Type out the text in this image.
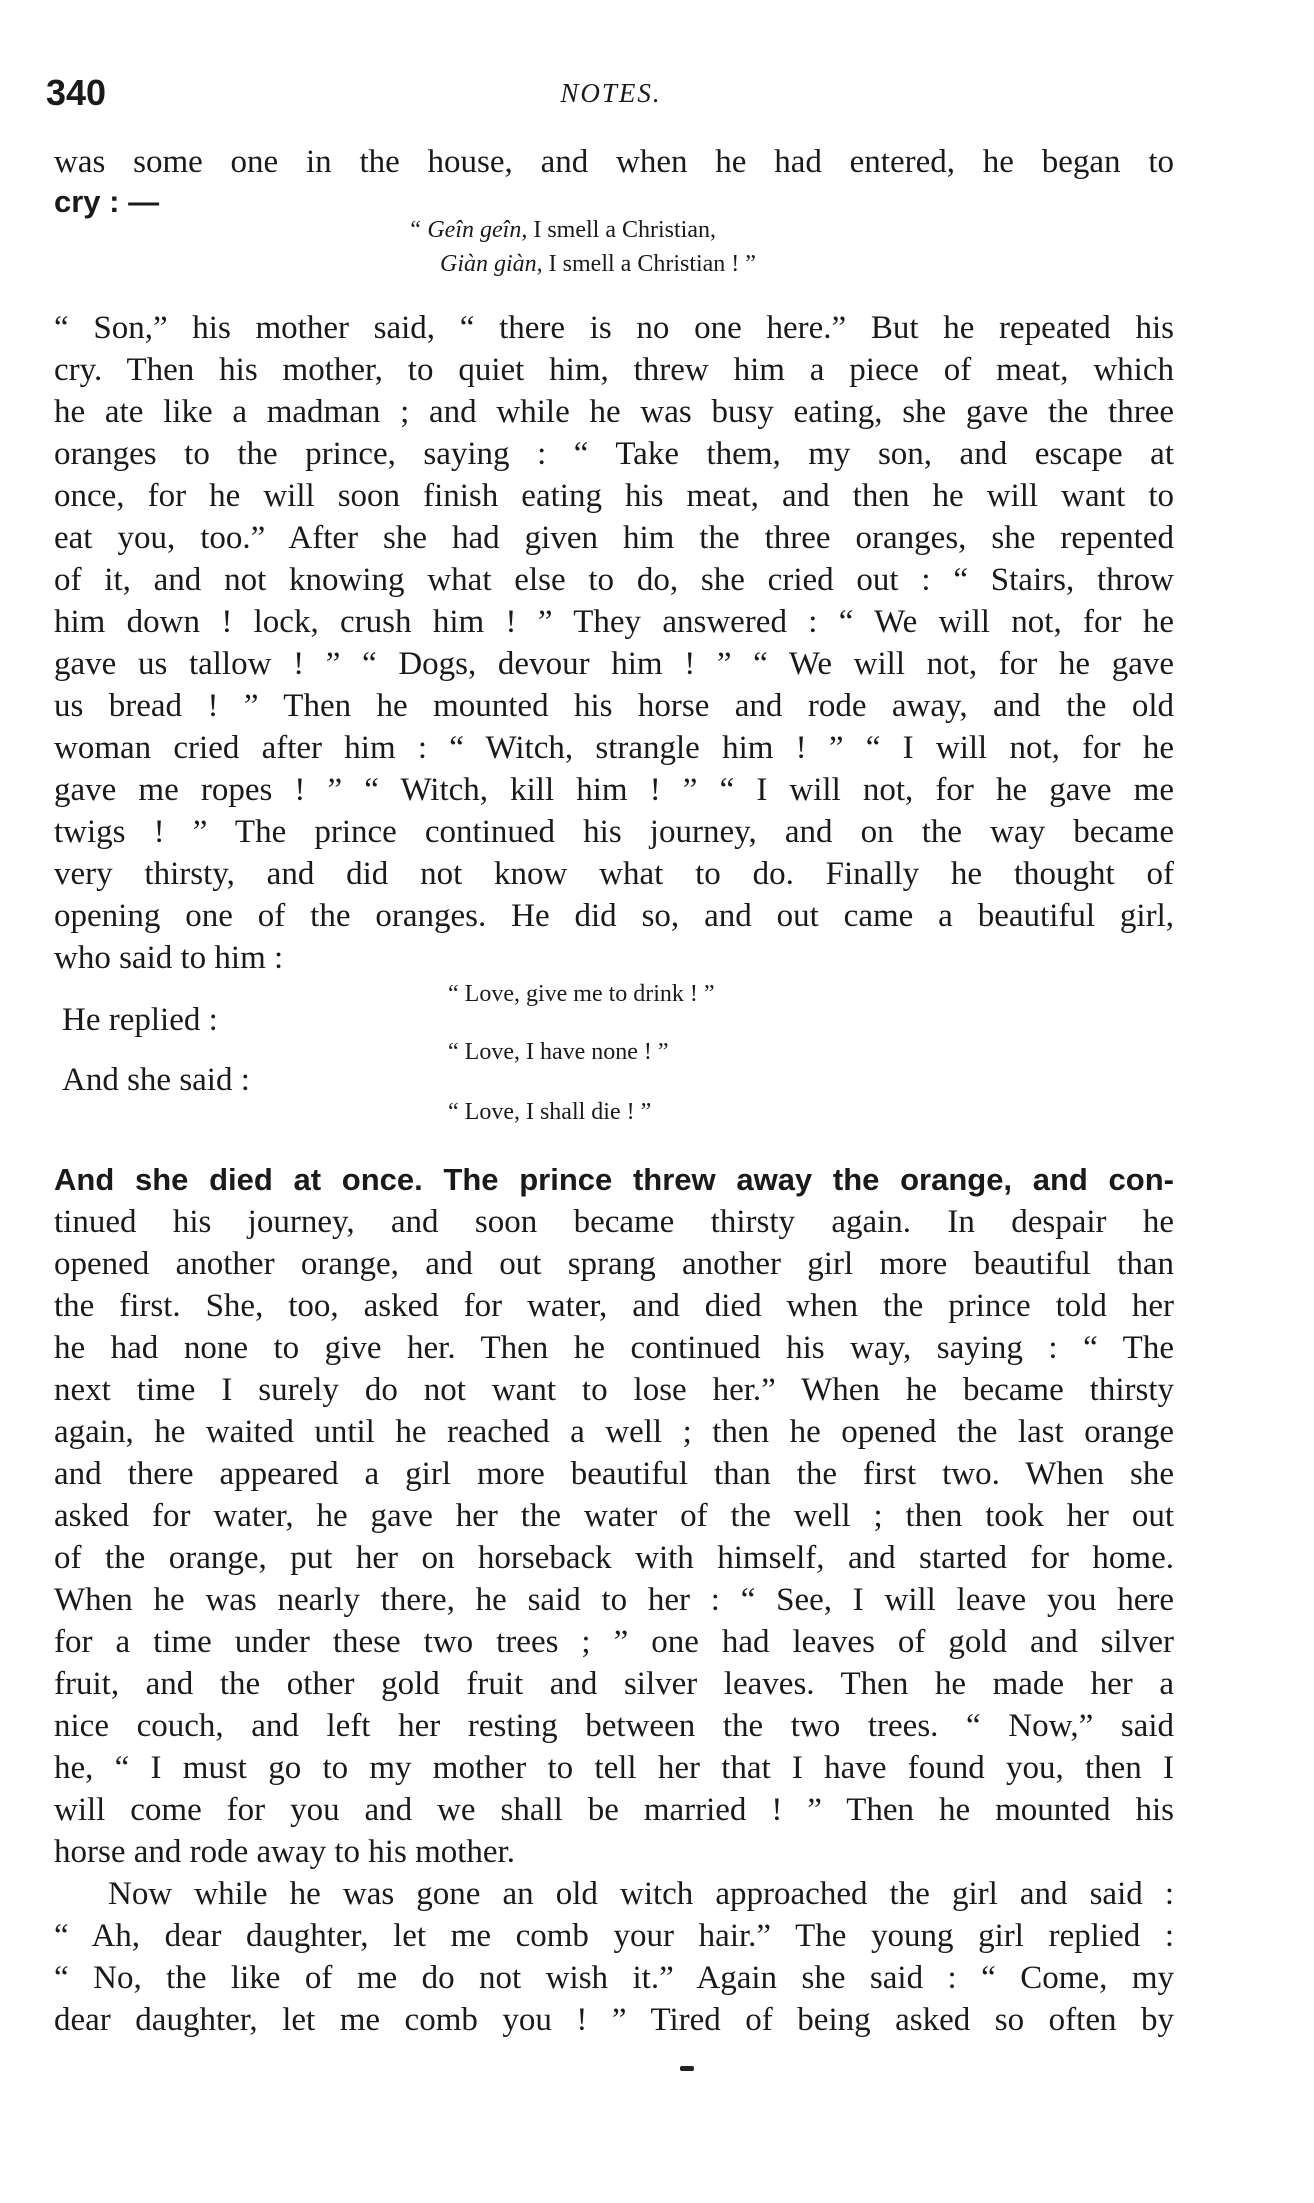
340	NOTES.
was some one in the house, and when he had entered, he began to
cry : —
“ Geîn geîn, I smell a Christian,
Giàn giàn, I smell a Christian ! ”
“ Son,” his mother said, “ there is no one here.” But he repeated his
cry. Then his mother, to quiet him, threw him a piece of meat, which
he ate like a madman ; and while he was busy eating, she gave the three
oranges to the prince, saying : “ Take them, my son, and escape at
once, for he will soon finish eating his meat, and then he will want to
eat you, too.” After she had given him the three oranges, she repented
of it, and not knowing what else to do, she cried out : “ Stairs, throw
him down ! lock, crush him ! ” They answered : “ We will not, for he
gave us tallow ! ” “ Dogs, devour him ! ” “ We will not, for he gave
us bread ! ” Then he mounted his horse and rode away, and the old
woman cried after him : “ Witch, strangle him ! ” “ I will not, for he
gave me ropes ! ” “ Witch, kill him ! ” “ I will not, for he gave me
twigs ! ” The prince continued his journey, and on the way became
very thirsty, and did not know what to do. Finally he thought of
opening one of the oranges. He did so, and out came a beautiful girl,
who said to him :
“ Love, give me to drink ! ”
He replied :
“ Love, I have none ! ”
And she said :
“ Love, I shall die ! ”
And she died at once. The prince threw away the orange, and con-
tinued his journey, and soon became thirsty again. In despair he
opened another orange, and out sprang another girl more beautiful than
the first. She, too, asked for water, and died when the prince told her
he had none to give her. Then he continued his way, saying : “ The
next time I surely do not want to lose her.” When he became thirsty
again, he waited until he reached a well ; then he opened the last orange
and there appeared a girl more beautiful than the first two. When she
asked for water, he gave her the water of the well ; then took her out
of the orange, put her on horseback with himself, and started for home.
When he was nearly there, he said to her : “ See, I will leave you here
for a time under these two trees ; ” one had leaves of gold and silver
fruit, and the other gold fruit and silver leaves. Then he made her a
nice couch, and left her resting between the two trees. “ Now,” said
he, “ I must go to my mother to tell her that I have found you, then I
will come for you and we shall be married ! ” Then he mounted his
horse and rode away to his mother.
Now while he was gone an old witch approached the girl and said :
“ Ah, dear daughter, let me comb your hair.” The young girl replied :
“ No, the like of me do not wish it.” Again she said : “ Come, my
dear daughter, let me comb you ! ” Tired of being asked so often by
